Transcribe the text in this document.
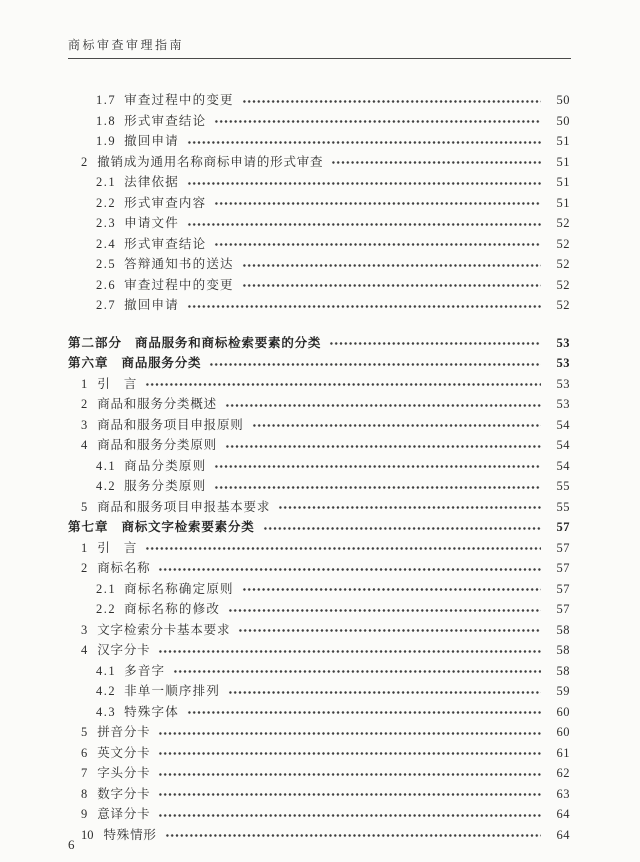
商标审查审理指南
1.7 审查过程中的变更	50
1.8 形式审查结论	50
1.9 撤回申请	51
2 撤销成为通用名称商标申请的形式审查	51
2.1 法律依据	51
2.2 形式审查内容	51
2.3 申请文件	52
2.4 形式审查结论	52
2.5 答辩通知书的送达	52
2.6 审查过程中的变更	52
2.7 撤回申请	52
第二部分 商品服务和商标检索要素的分类	53
第六章 商品服务分类	53
1 引　言	53
2 商品和服务分类概述	53
3 商品和服务项目申报原则	54
4 商品和服务分类原则	54
4.1 商品分类原则	54
4.2 服务分类原则	55
5 商品和服务项目申报基本要求	55
第七章 商标文字检索要素分类	57
1 引　言	57
2 商标名称	57
2.1 商标名称确定原则	57
2.2 商标名称的修改	57
3 文字检索分卡基本要求	58
4 汉字分卡	58
4.1 多音字	58
4.2 非单一顺序排列	59
4.3 特殊字体	60
5 拼音分卡	60
6 英文分卡	61
7 字头分卡	62
8 数字分卡	63
9 意译分卡	64
10 特殊情形	64
6
